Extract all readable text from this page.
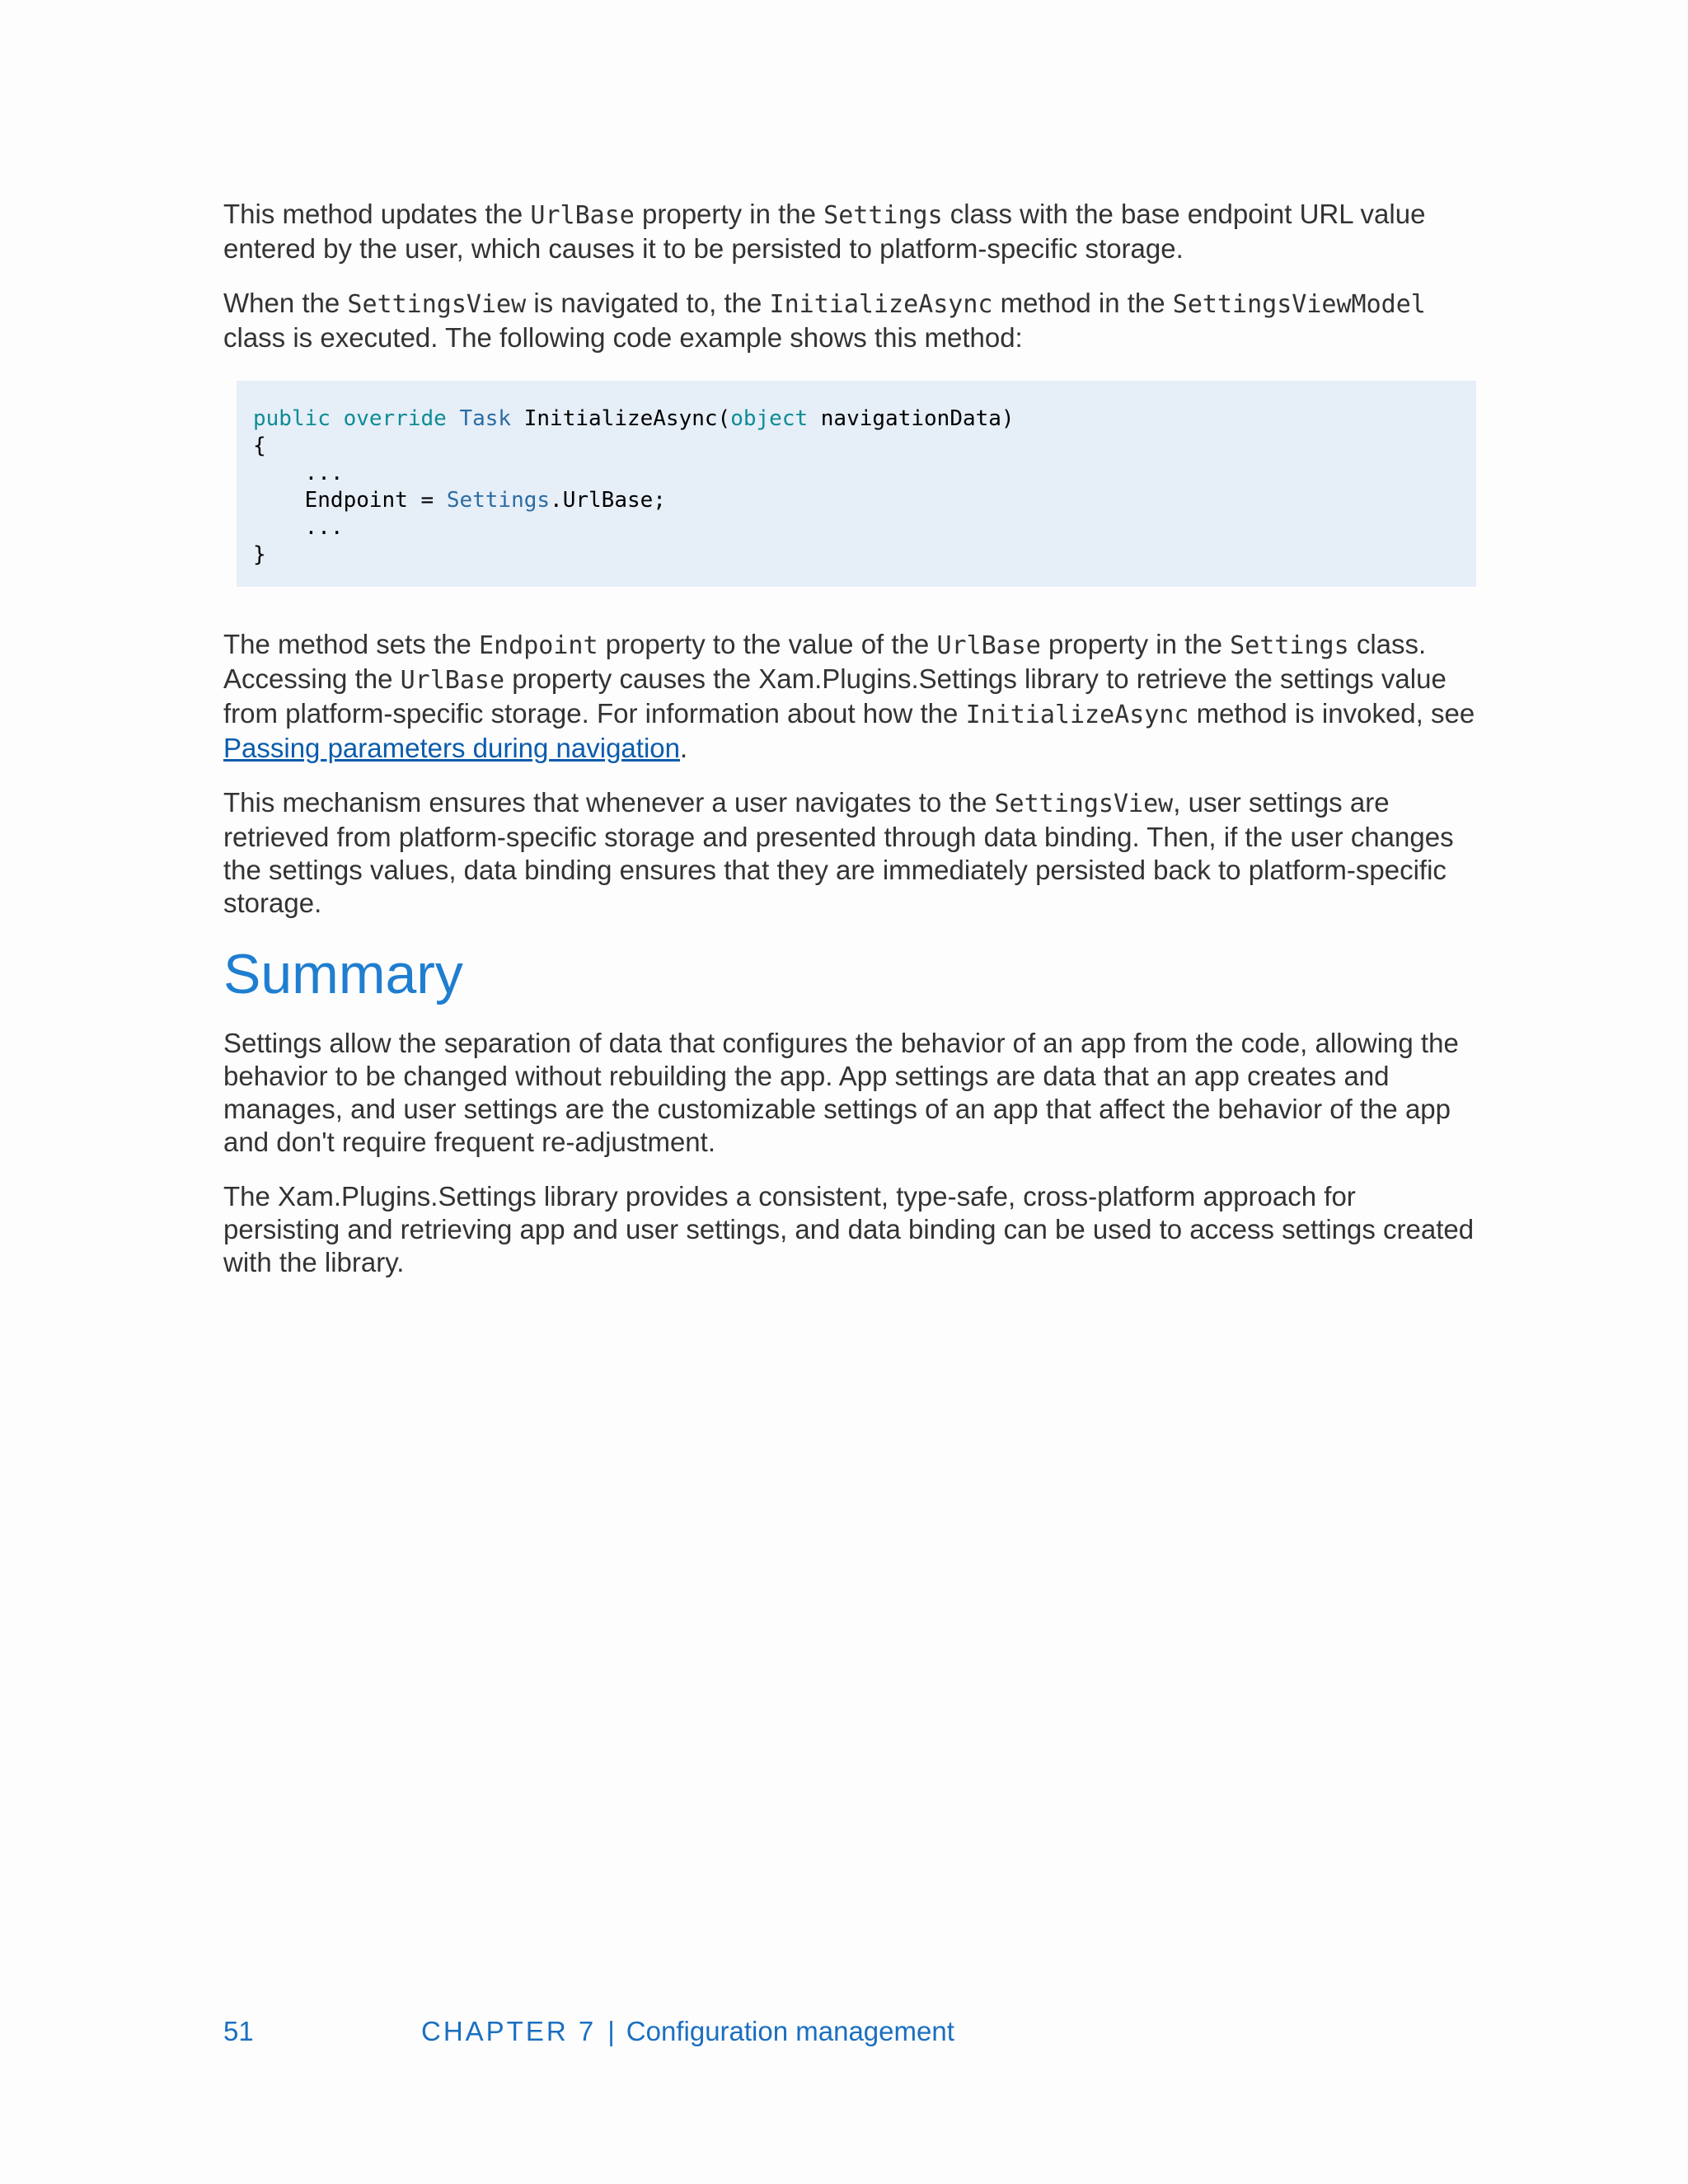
This method updates the UrlBase property in the Settings class with the base endpoint URL value entered by the user, which causes it to be persisted to platform-specific storage.

When the SettingsView is navigated to, the InitializeAsync method in the SettingsViewModel class is executed. The following code example shows this method:

public override Task InitializeAsync(object navigationData)
{
...
Endpoint = Settings.UrlBase;
...
}

The method sets the Endpoint property to the value of the UrlBase property in the Settings class. Accessing the UrlBase property causes the Xam.Plugins.Settings library to retrieve the settings value from platform-specific storage. For information about how the InitializeAsync method is invoked, see Passing parameters during navigation.

This mechanism ensures that whenever a user navigates to the SettingsView, user settings are retrieved from platform-specific storage and presented through data binding. Then, if the user changes the settings values, data binding ensures that they are immediately persisted back to platform-specific storage.

Summary

Settings allow the separation of data that configures the behavior of an app from the code, allowing the behavior to be changed without rebuilding the app. App settings are data that an app creates and manages, and user settings are the customizable settings of an app that affect the behavior of the app and don't require frequent re-adjustment.

The Xam.Plugins.Settings library provides a consistent, type-safe, cross-platform approach for persisting and retrieving app and user settings, and data binding can be used to access settings created with the library.

51	CHAPTER 7 | Configuration management
